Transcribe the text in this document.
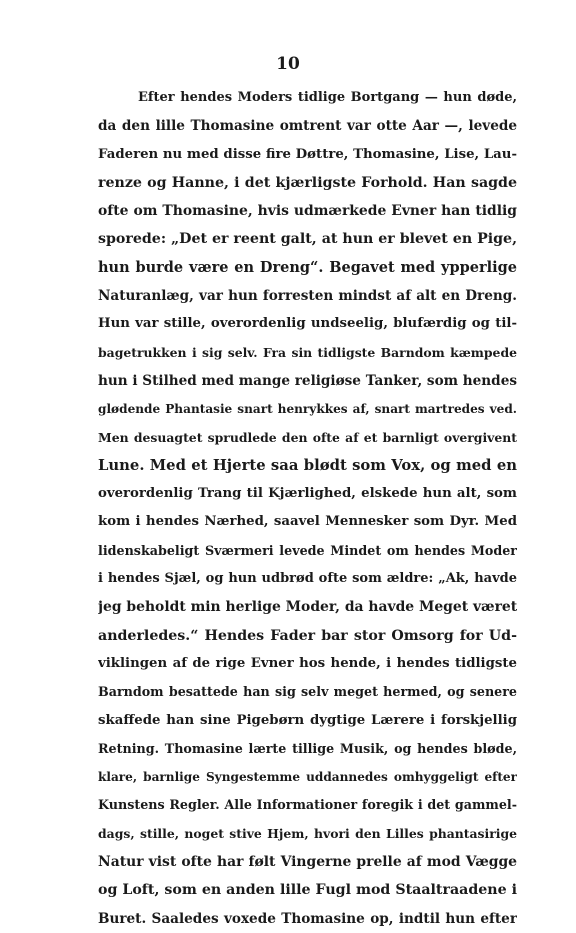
10
Efter hendes Moders tidlige Bortgang — hun døde,
da den lille Thomasine omtrent var otte Aar —, levede
Faderen nu med disse fire Døttre, Thomasine, Lise, Lau-
renze og Hanne, i det kjærligste Forhold. Han sagde
ofte om Thomasine, hvis udmærkede Evner han tidlig
sporede: „Det er reent galt, at hun er blevet en Pige,
hun burde være en Dreng“. Begavet med ypperlige
Naturanlæg, var hun forresten mindst af alt en Dreng.
Hun var stille, overordenlig undseelig, blufærdig og til-
bagetrukken i sig selv. Fra sin tidligste Barndom kæmpede
hun i Stilhed med mange religiøse Tanker, som hendes
glødende Phantasie snart henrykkes af, snart martredes ved.
Men desuagtet sprudlede den ofte af et barnligt overgivent
Lune. Med et Hjerte saa blødt som Vox, og med en
overordenlig Trang til Kjærlighed, elskede hun alt, som
kom i hendes Nærhed, saavel Mennesker som Dyr. Med
lidenskabeligt Sværmeri levede Mindet om hendes Moder
i hendes Sjæl, og hun udbrød ofte som ældre: „Ak, havde
jeg beholdt min herlige Moder, da havde Meget været
anderledes.“ Hendes Fader bar stor Omsorg for Ud-
viklingen af de rige Evner hos hende, i hendes tidligste
Barndom besattede han sig selv meget hermed, og senere
skaffede han sine Pigebørn dygtige Lærere i forskjellig
Retning. Thomasine lærte tillige Musik, og hendes bløde,
klare, barnlige Syngestemme uddannedes omhyggeligt efter
Kunstens Regler. Alle Informationer foregik i det gammel-
dags, stille, noget stive Hjem, hvori den Lilles phantasirige
Natur vist ofte har følt Vingerne prelle af mod Vægge
og Loft, som en anden lille Fugl mod Staaltraadene i
Buret. Saaledes voxede Thomasine op, indtil hun efter
